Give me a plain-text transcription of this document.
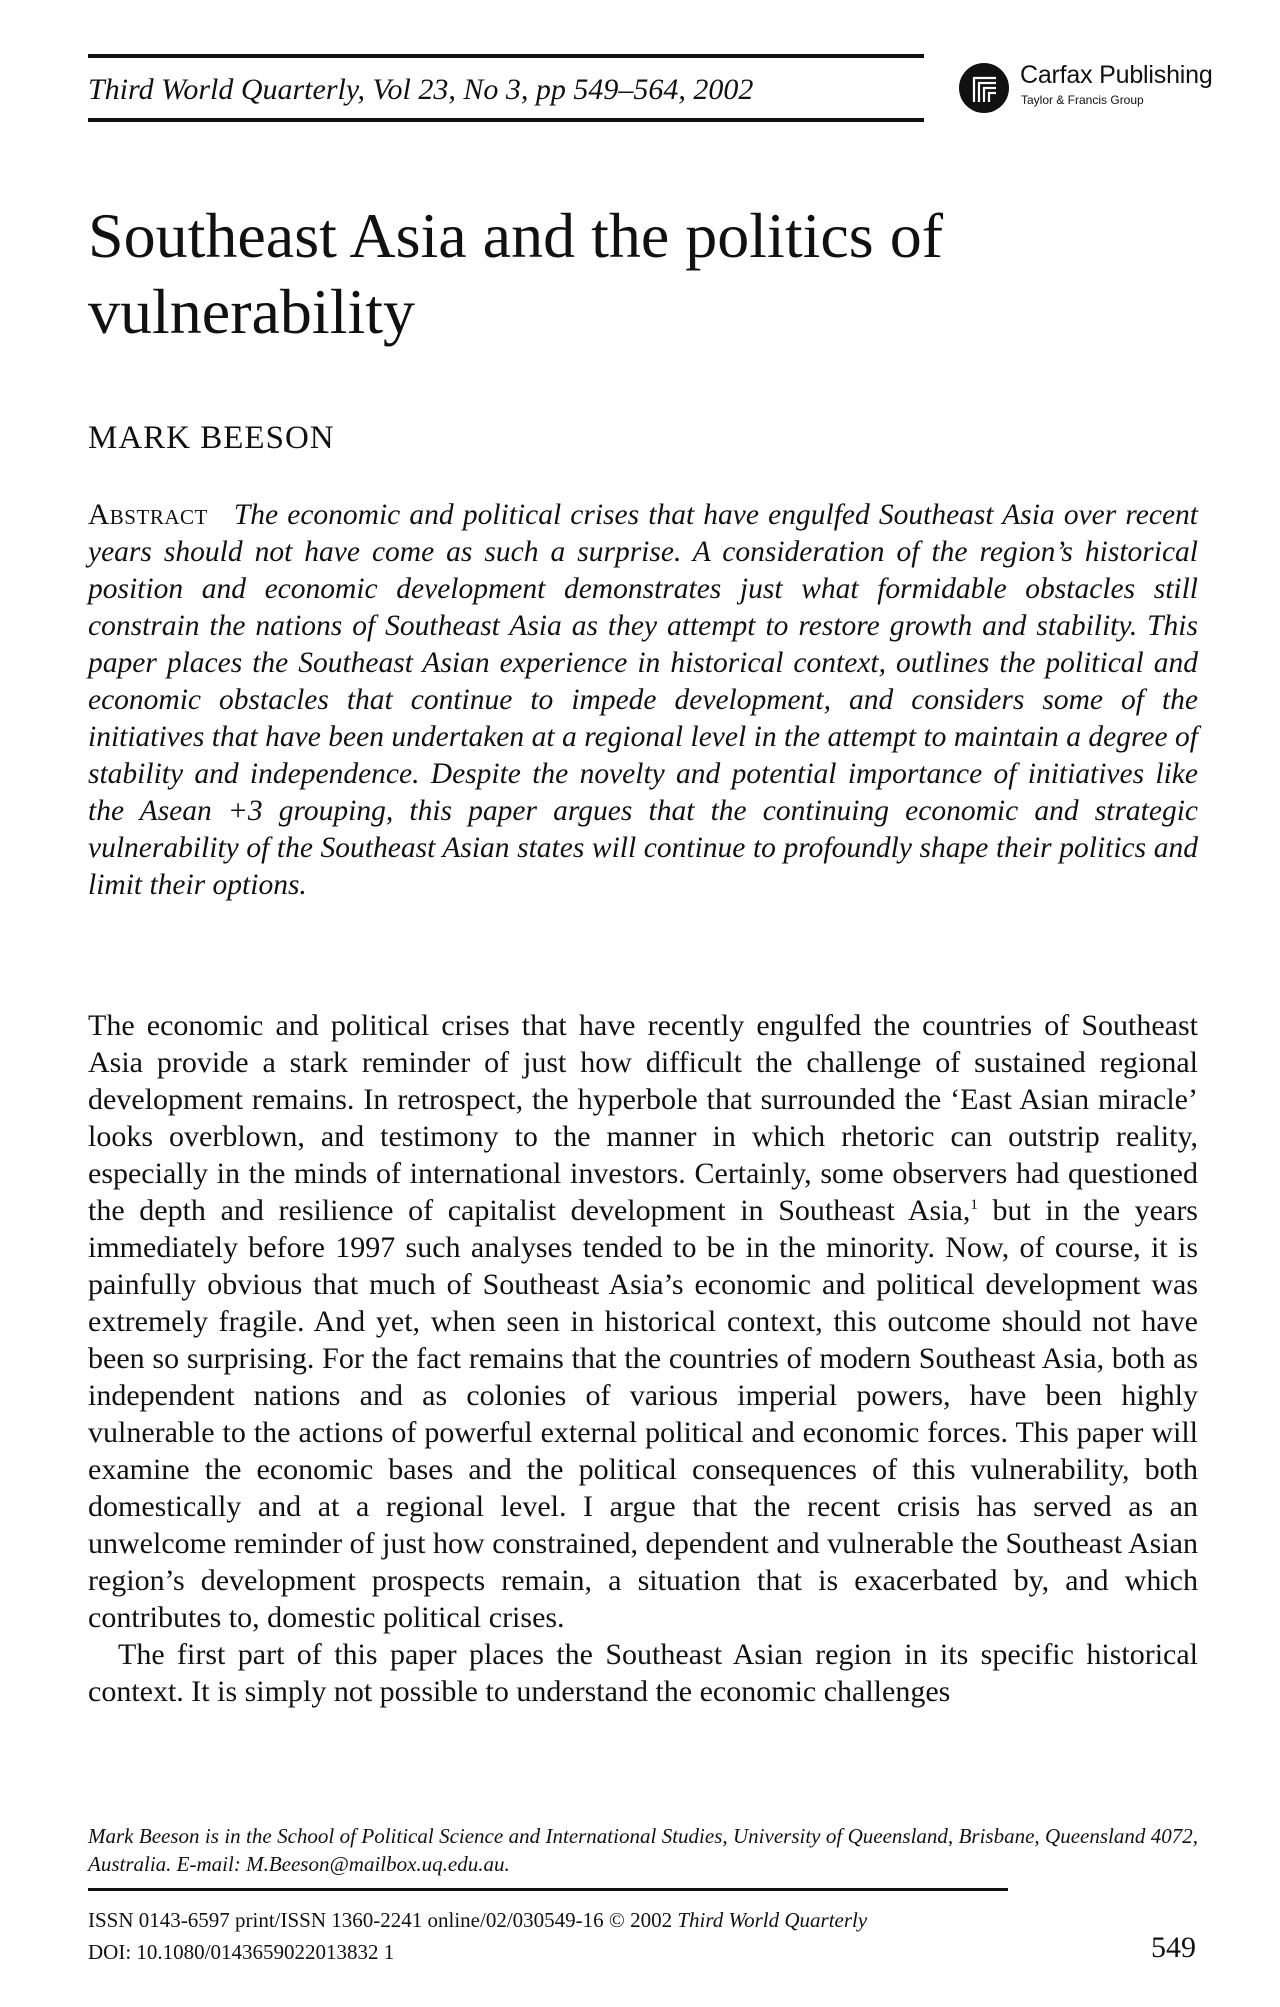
Third World Quarterly, Vol 23, No 3, pp 549–564, 2002	Carfax Publishing
Taylor & Francis Group
Southeast Asia and the politics of vulnerability
MARK BEESON

Abstract The economic and political crises that have engulfed Southeast Asia over recent years should not have come as such a surprise. A consideration of the region’s historical position and economic development demonstrates just what formidable obstacles still constrain the nations of Southeast Asia as they attempt to restore growth and stability. This paper places the Southeast Asian experience in historical context, outlines the political and economic obstacles that continue to impede development, and considers some of the initiatives that have been undertaken at a regional level in the attempt to maintain a degree of stability and independence. Despite the novelty and potential importance of initiatives like the Asean +3 grouping, this paper argues that the continuing economic and strategic vulnerability of the Southeast Asian states will continue to profoundly shape their politics and limit their options.

The economic and political crises that have recently engulfed the countries of Southeast Asia provide a stark reminder of just how difficult the challenge of sustained regional development remains. In retrospect, the hyperbole that surrounded the ‘East Asian miracle’ looks overblown, and testimony to the manner in which rhetoric can outstrip reality, especially in the minds of international investors. Certainly, some observers had questioned the depth and resilience of capitalist development in Southeast Asia,$^1$ but in the years immediately before 1997 such analyses tended to be in the minority. Now, of course, it is painfully obvious that much of Southeast Asia’s economic and political development was extremely fragile. And yet, when seen in historical context, this outcome should not have been so surprising. For the fact remains that the countries of modern Southeast Asia, both as independent nations and as colonies of various imperial powers, have been highly vulnerable to the actions of powerful external political and economic forces. This paper will examine the economic bases and the political consequences of this vulnerability, both domestically and at a regional level. I argue that the recent crisis has served as an unwelcome reminder of just how constrained, dependent and vulnerable the Southeast Asian region’s development prospects remain, a situation that is exacerbated by, and which contributes to, domestic political crises.

The first part of this paper places the Southeast Asian region in its specific historical context. It is simply not possible to understand the economic challenges

Mark Beeson is in the School of Political Science and International Studies, University of Queensland, Brisbane, Queensland 4072, Australia. E-mail: M.Beeson@mailbox.uq.edu.au.

ISSN 0143-6597 print/ISSN 1360-2241 online/02/030549-16 © 2002 Third World Quarterly
DOI: 10.1080/0143659022013832 1	549
